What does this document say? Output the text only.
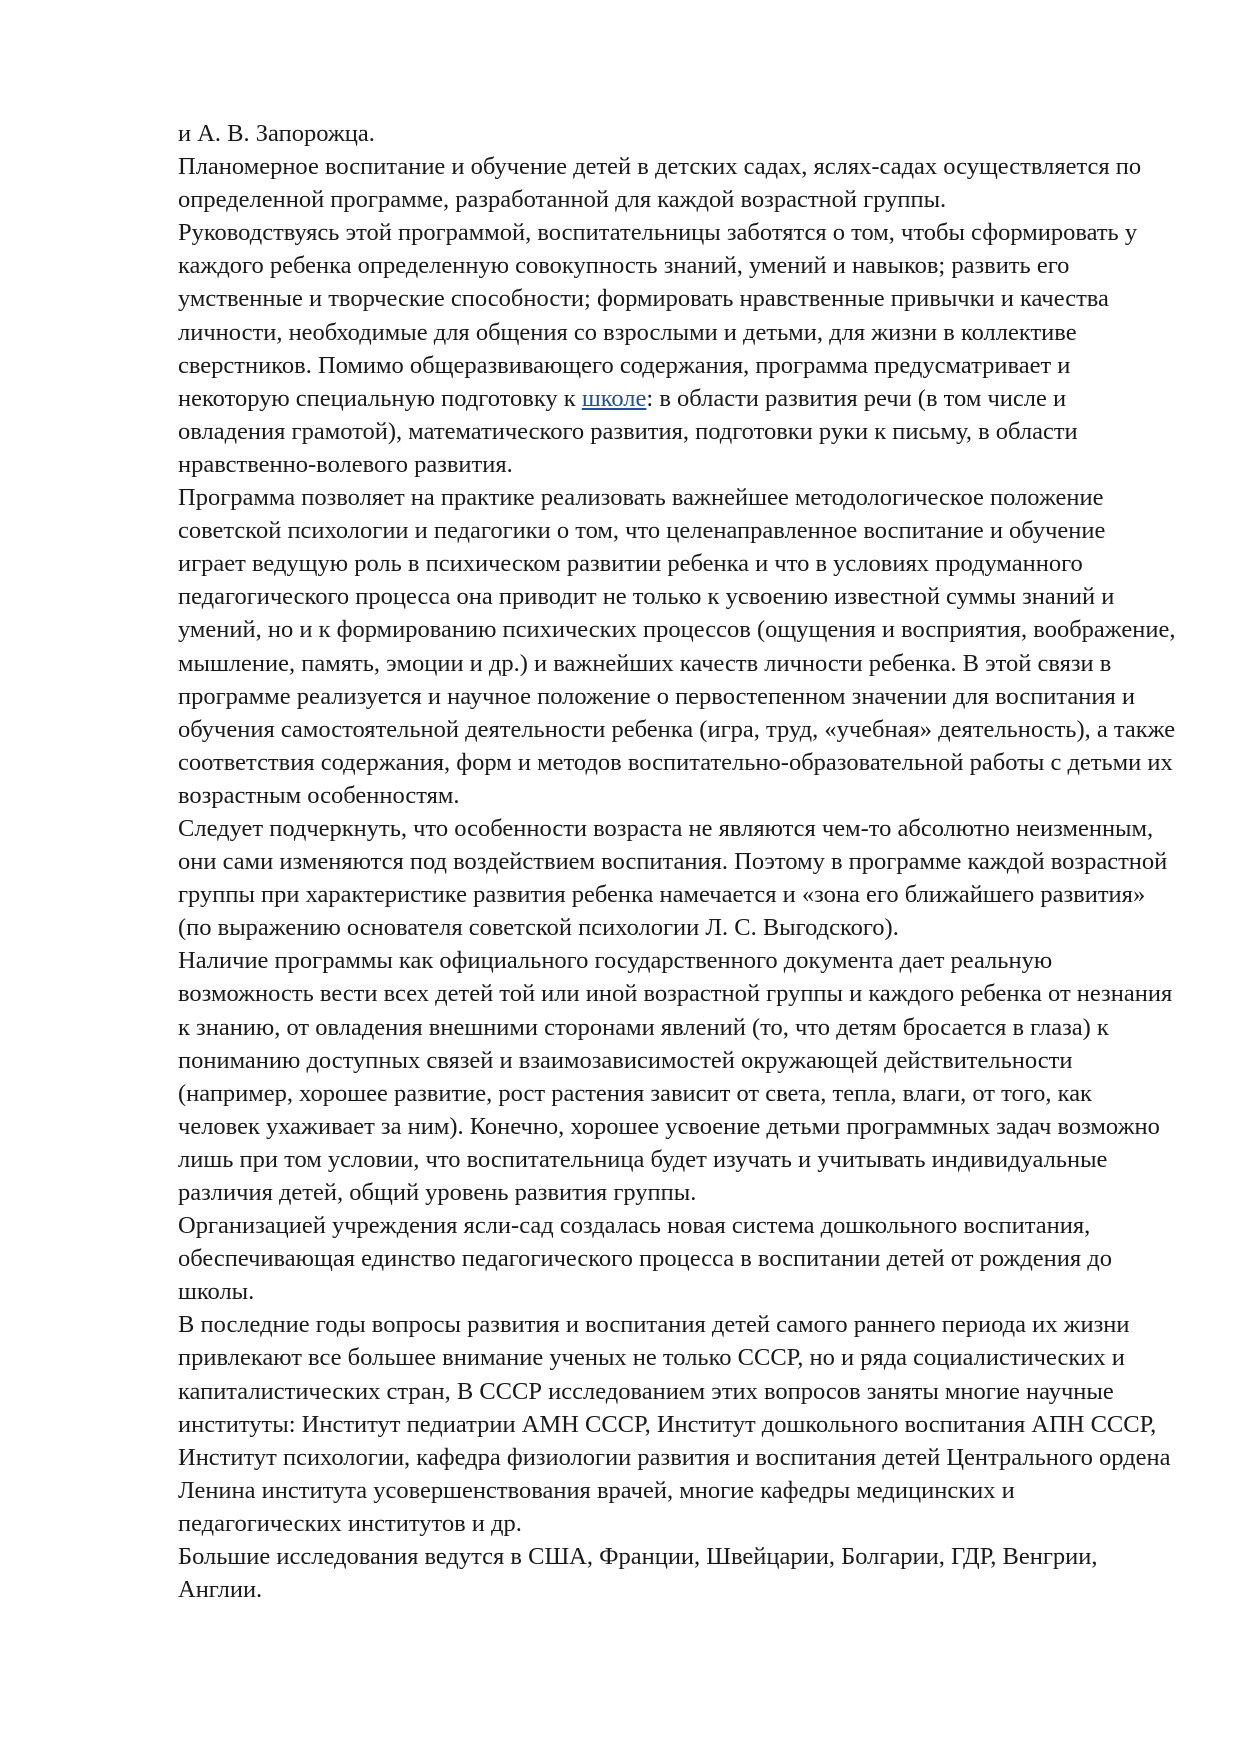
и А. В. Запорожца.

Планомерное воспитание и обучение детей в детских садах, яслях-садах осуществляется по определенной программе, разработанной для каждой возрастной группы.

Руководствуясь этой программой, воспитательницы заботятся о том, чтобы сформировать у каждого ребенка определенную совокупность знаний, умений и навыков; развить его умственные и творческие способности; формировать нравственные привычки и качества личности, необходимые для общения со взрослыми и детьми, для жизни в коллективе сверстников. Помимо общеразвивающего содержания, программа предусматривает и некоторую специальную подготовку к школе: в области развития речи (в том числе и овладения грамотой), математического развития, подготовки руки к письму, в области нравственно-волевого развития.

Программа позволяет на практике реализовать важнейшее методологическое положение советской психологии и педагогики о том, что целенаправленное воспитание и обучение играет ведущую роль в психическом развитии ребенка и что в условиях продуманного педагогического процесса она приводит не только к усвоению известной суммы знаний и умений, но и к формированию психических процессов (ощущения и восприятия, воображение, мышление, память, эмоции и др.) и важнейших качеств личности ребенка. В этой связи в программе реализуется и научное положение о первостепенном значении для воспитания и обучения самостоятельной деятельности ребенка (игра, труд, «учебная» деятельность), а также соответствия содержания, форм и методов воспитательно-образовательной работы с детьми их возрастным особенностям.

Следует подчеркнуть, что особенности возраста не являются чем-то абсолютно неизменным, они сами изменяются под воздействием воспитания. Поэтому в программе каждой возрастной группы при характеристике развития ребенка намечается и «зона его ближайшего развития» (по выражению основателя советской психологии Л. С. Выгодского).

Наличие программы как официального государственного документа дает реальную возможность вести всех детей той или иной возрастной группы и каждого ребенка от незнания к знанию, от овладения внешними сторонами явлений (то, что детям бросается в глаза) к пониманию доступных связей и взаимозависимостей окружающей действительности (например, хорошее развитие, рост растения зависит от света, тепла, влаги, от того, как человек ухаживает за ним). Конечно, хорошее усвоение детьми программных задач возможно лишь при том условии, что воспитательница будет изучать и учитывать индивидуальные различия детей, общий уровень развития группы.

Организацией учреждения ясли-сад создалась новая система дошкольного воспитания, обеспечивающая единство педагогического процесса в воспитании детей от рождения до школы.

В последние годы вопросы развития и воспитания детей самого раннего периода их жизни привлекают все большее внимание ученых не только СССР, но и ряда социалистических и капиталистических стран, В СССР исследованием этих вопросов заняты многие научные институты: Институт педиатрии АМН СССР, Институт дошкольного воспитания АПН СССР, Институт психологии, кафедра физиологии развития и воспитания детей Центрального ордена Ленина института усовершенствования врачей, многие кафедры медицинских и педагогических институтов и др.

Большие исследования ведутся в США, Франции, Швейцарии, Болгарии, ГДР, Венгрии, Англии.
